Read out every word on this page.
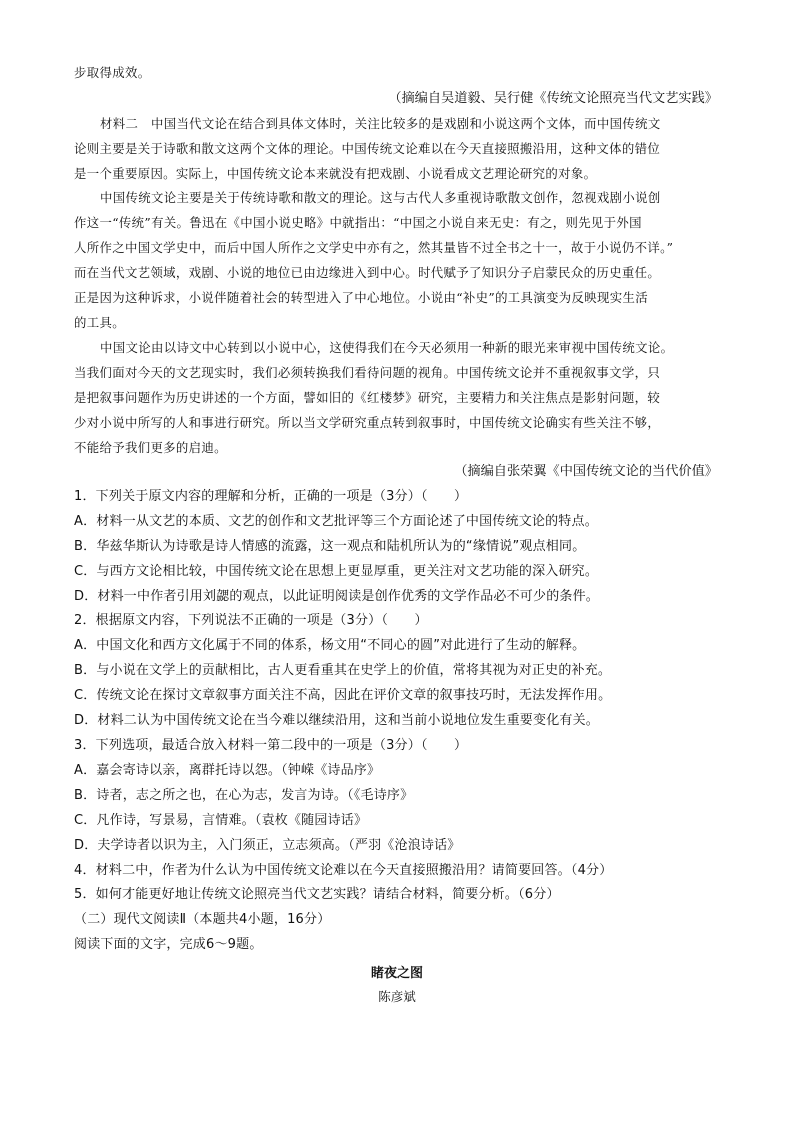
步取得成效。
（摘编自吴道毅、吴行健《传统文论照亮当代文艺实践》
材料二　中国当代文论在结合到具体文体时，关注比较多的是戏剧和小说这两个文体，而中国传统文
论则主要是关于诗歌和散文这两个文体的理论。中国传统文论难以在今天直接照搬沿用，这种文体的错位
是一个重要原因。实际上，中国传统文论本来就没有把戏剧、小说看成文艺理论研究的对象。
中国传统文论主要是关于传统诗歌和散文的理论。这与古代人多重视诗歌散文创作，忽视戏剧小说创
作这一“传统”有关。鲁迅在《中国小说史略》中就指出：“中国之小说自来无史：有之，则先见于外国
人所作之中国文学史中，而后中国人所作之文学史中亦有之，然其量皆不过全书之十一，故于小说仍不详。”
而在当代文艺领域，戏剧、小说的地位已由边缘进入到中心。时代赋予了知识分子启蒙民众的历史重任。
正是因为这种诉求，小说伴随着社会的转型进入了中心地位。小说由“补史”的工具演变为反映现实生活
的工具。
中国文论由以诗文中心转到以小说中心，这使得我们在今天必须用一种新的眼光来审视中国传统文论。
当我们面对今天的文艺现实时，我们必须转换我们看待问题的视角。中国传统文论并不重视叙事文学，只
是把叙事问题作为历史讲述的一个方面，譬如旧的《红楼梦》研究，主要精力和关注焦点是影射问题，较
少对小说中所写的人和事进行研究。所以当文学研究重点转到叙事时，中国传统文论确实有些关注不够，
不能给予我们更多的启迪。
（摘编自张荣翼《中国传统文论的当代价值》
1．下列关于原文内容的理解和分析，正确的一项是（3分）（　　）
A．材料一从文艺的本质、文艺的创作和文艺批评等三个方面论述了中国传统文论的特点。
B．华兹华斯认为诗歌是诗人情感的流露，这一观点和陆机所认为的“缘情说”观点相同。
C．与西方文论相比较，中国传统文论在思想上更显厚重，更关注对文艺功能的深入研究。
D．材料一中作者引用刘勰的观点，以此证明阅读是创作优秀的文学作品必不可少的条件。
2．根据原文内容，下列说法不正确的一项是（3分）（　　）
A．中国文化和西方文化属于不同的体系，杨文用“不同心的圆”对此进行了生动的解释。
B．与小说在文学上的贡献相比，古人更看重其在史学上的价值，常将其视为对正史的补充。
C．传统文论在探讨文章叙事方面关注不高，因此在评价文章的叙事技巧时，无法发挥作用。
D．材料二认为中国传统文论在当今难以继续沿用，这和当前小说地位发生重要变化有关。
3．下列选项，最适合放入材料一第二段中的一项是（3分）（　　）
A．嘉会寄诗以亲，离群托诗以怨。（钟嵘《诗品序》
B．诗者，志之所之也，在心为志，发言为诗。（《毛诗序》
C．凡作诗，写景易，言情难。（袁枚《随园诗话》
D．夫学诗者以识为主，入门须正，立志须高。（严羽《沧浪诗话》
4．材料二中，作者为什么认为中国传统文论难以在今天直接照搬沿用？请简要回答。（4分）
5．如何才能更好地让传统文论照亮当代文艺实践？请结合材料，简要分析。（6分）
（二）现代文阅读Ⅱ（本题共4小题，16分）
阅读下面的文字，完成6～9题。
睹夜之图
陈彦斌
